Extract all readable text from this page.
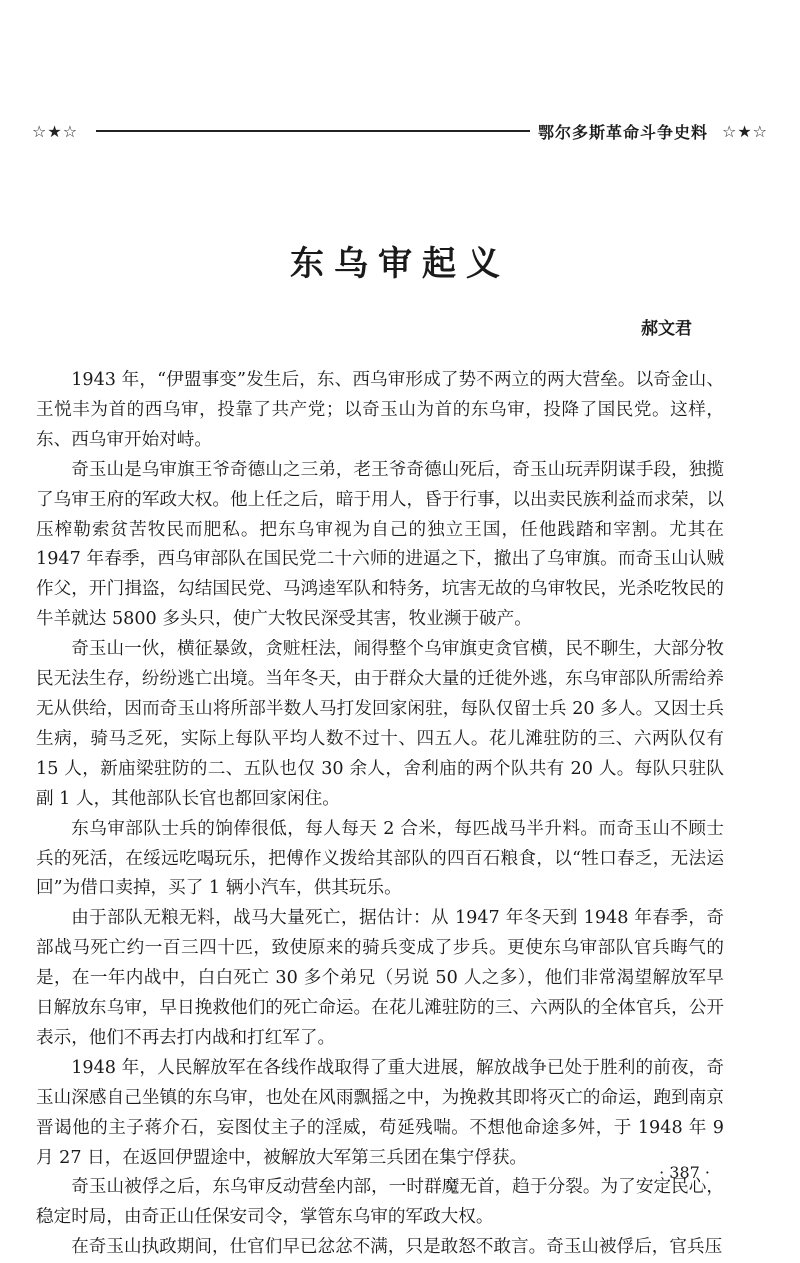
☆★☆	鄂尔多斯革命斗争史料 ☆★☆
东乌审起义
郝文君

1943 年，“伊盟事变”发生后，东、西乌审形成了势不两立的两大营垒。以奇金山、王悦丰为首的西乌审，投靠了共产党；以奇玉山为首的东乌审，投降了国民党。这样，东、西乌审开始对峙。

奇玉山是乌审旗王爷奇德山之三弟，老王爷奇德山死后，奇玉山玩弄阴谋手段，独揽了乌审王府的军政大权。他上任之后，暗于用人，昏于行事，以出卖民族利益而求荣，以压榨勒索贫苦牧民而肥私。把东乌审视为自己的独立王国，任他践踏和宰割。尤其在 1947 年春季，西乌审部队在国民党二十六师的进逼之下，撤出了乌审旗。而奇玉山认贼作父，开门揖盗，勾结国民党、马鸿逵军队和特务，坑害无故的乌审牧民，光杀吃牧民的牛羊就达 5800 多头只，使广大牧民深受其害，牧业濒于破产。

奇玉山一伙，横征暴敛，贪赃枉法，闹得整个乌审旗吏贪官横，民不聊生，大部分牧民无法生存，纷纷逃亡出境。当年冬天，由于群众大量的迁徙外逃，东乌审部队所需给养无从供给，因而奇玉山将所部半数人马打发回家闲驻，每队仅留士兵 20 多人。又因士兵生病，骑马乏死，实际上每队平均人数不过十、四五人。花儿滩驻防的三、六两队仅有 15 人，新庙梁驻防的二、五队也仅 30 余人，舍利庙的两个队共有 20 人。每队只驻队副 1 人，其他部队长官也都回家闲住。

东乌审部队士兵的饷俸很低，每人每天 2 合米，每匹战马半升料。而奇玉山不顾士兵的死活，在绥远吃喝玩乐，把傅作义拨给其部队的四百石粮食，以“牲口春乏，无法运回”为借口卖掉，买了 1 辆小汽车，供其玩乐。

由于部队无粮无料，战马大量死亡，据估计：从 1947 年冬天到 1948 年春季，奇部战马死亡约一百三四十匹，致使原来的骑兵变成了步兵。更使东乌审部队官兵晦气的是，在一年内战中，白白死亡 30 多个弟兄（另说 50 人之多），他们非常渴望解放军早日解放东乌审，早日挽救他们的死亡命运。在花儿滩驻防的三、六两队的全体官兵，公开表示，他们不再去打内战和打红军了。

1948 年，人民解放军在各线作战取得了重大进展，解放战争已处于胜利的前夜，奇玉山深感自己坐镇的东乌审，也处在风雨飘摇之中，为挽救其即将灭亡的命运，跑到南京晋谒他的主子蒋介石，妄图仗主子的淫威，苟延残喘。不想他命途多舛，于 1948 年 9 月 27 日，在返回伊盟途中，被解放大军第三兵团在集宁俘获。

奇玉山被俘之后，东乌审反动营垒内部，一时群魔无首，趋于分裂。为了安定民心，稳定时局，由奇正山任保安司令，掌管东乌审的军政大权。

在奇玉山执政期间，仕官们早已忿忿不满，只是敢怒不敢言。奇玉山被俘后，官兵压

· 387 ·
